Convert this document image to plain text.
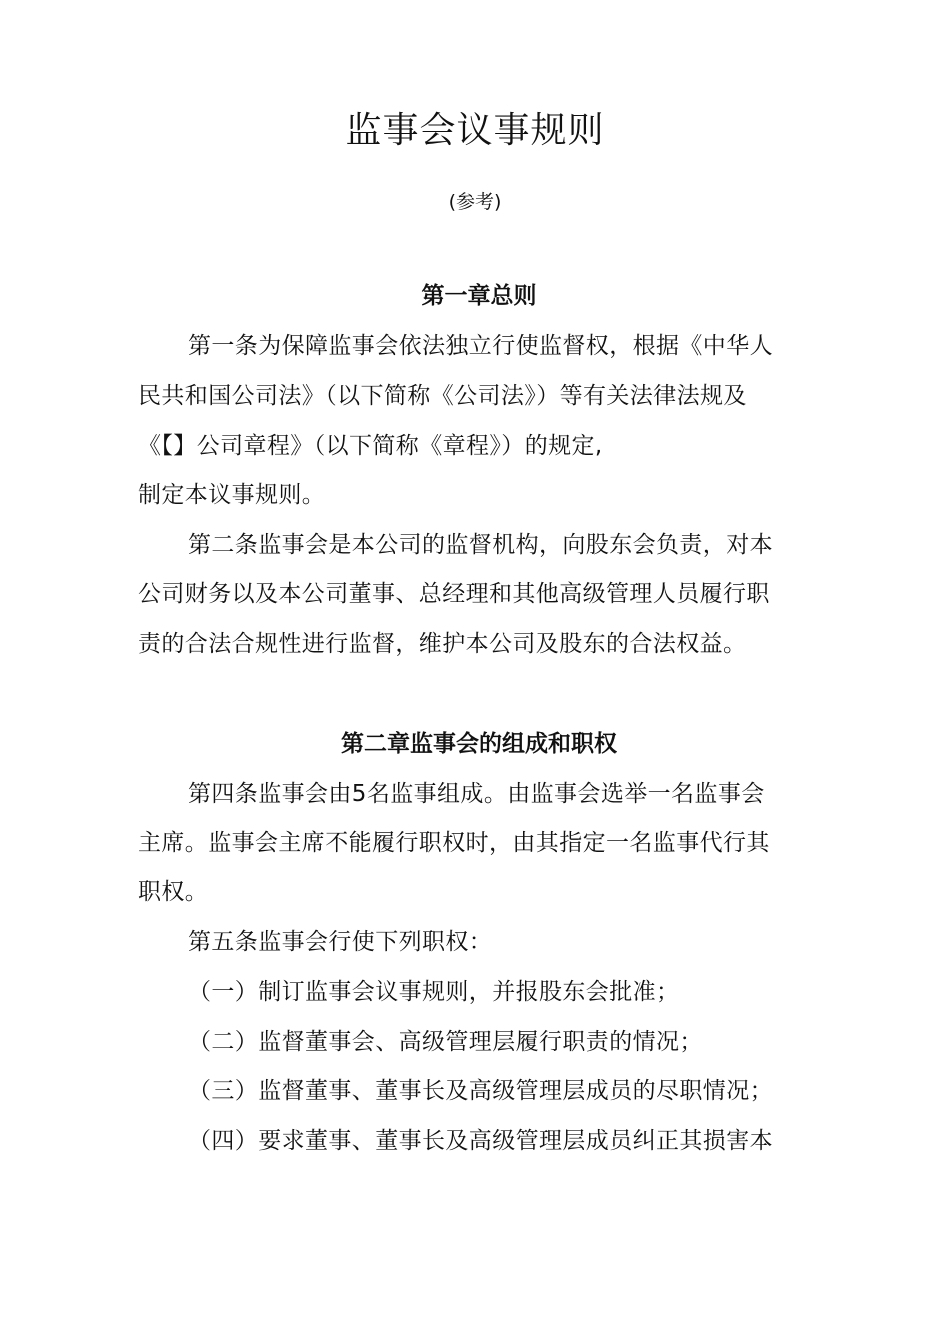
监事会议事规则

(参考)

第一章总则

第一条为保障监事会依法独立行使监督权，根据《中华人

民共和国公司法》（以下简称《公司法》）等有关法律法规及

《【】公司章程》（以下简称《章程》）的规定,

制定本议事规则。

第二条监事会是本公司的监督机构，向股东会负责，对本

公司财务以及本公司董事、总经理和其他高级管理人员履行职

责的合法合规性进行监督，维护本公司及股东的合法权益。

第二章监事会的组成和职权

第四条监事会由5名监事组成。由监事会选举一名监事会

主席。监事会主席不能履行职权时，由其指定一名监事代行其

职权。

第五条监事会行使下列职权：

（一）制订监事会议事规则，并报股东会批准；

（二）监督董事会、高级管理层履行职责的情况；

（三）监督董事、董事长及高级管理层成员的尽职情况；

（四）要求董事、董事长及高级管理层成员纠正其损害本
